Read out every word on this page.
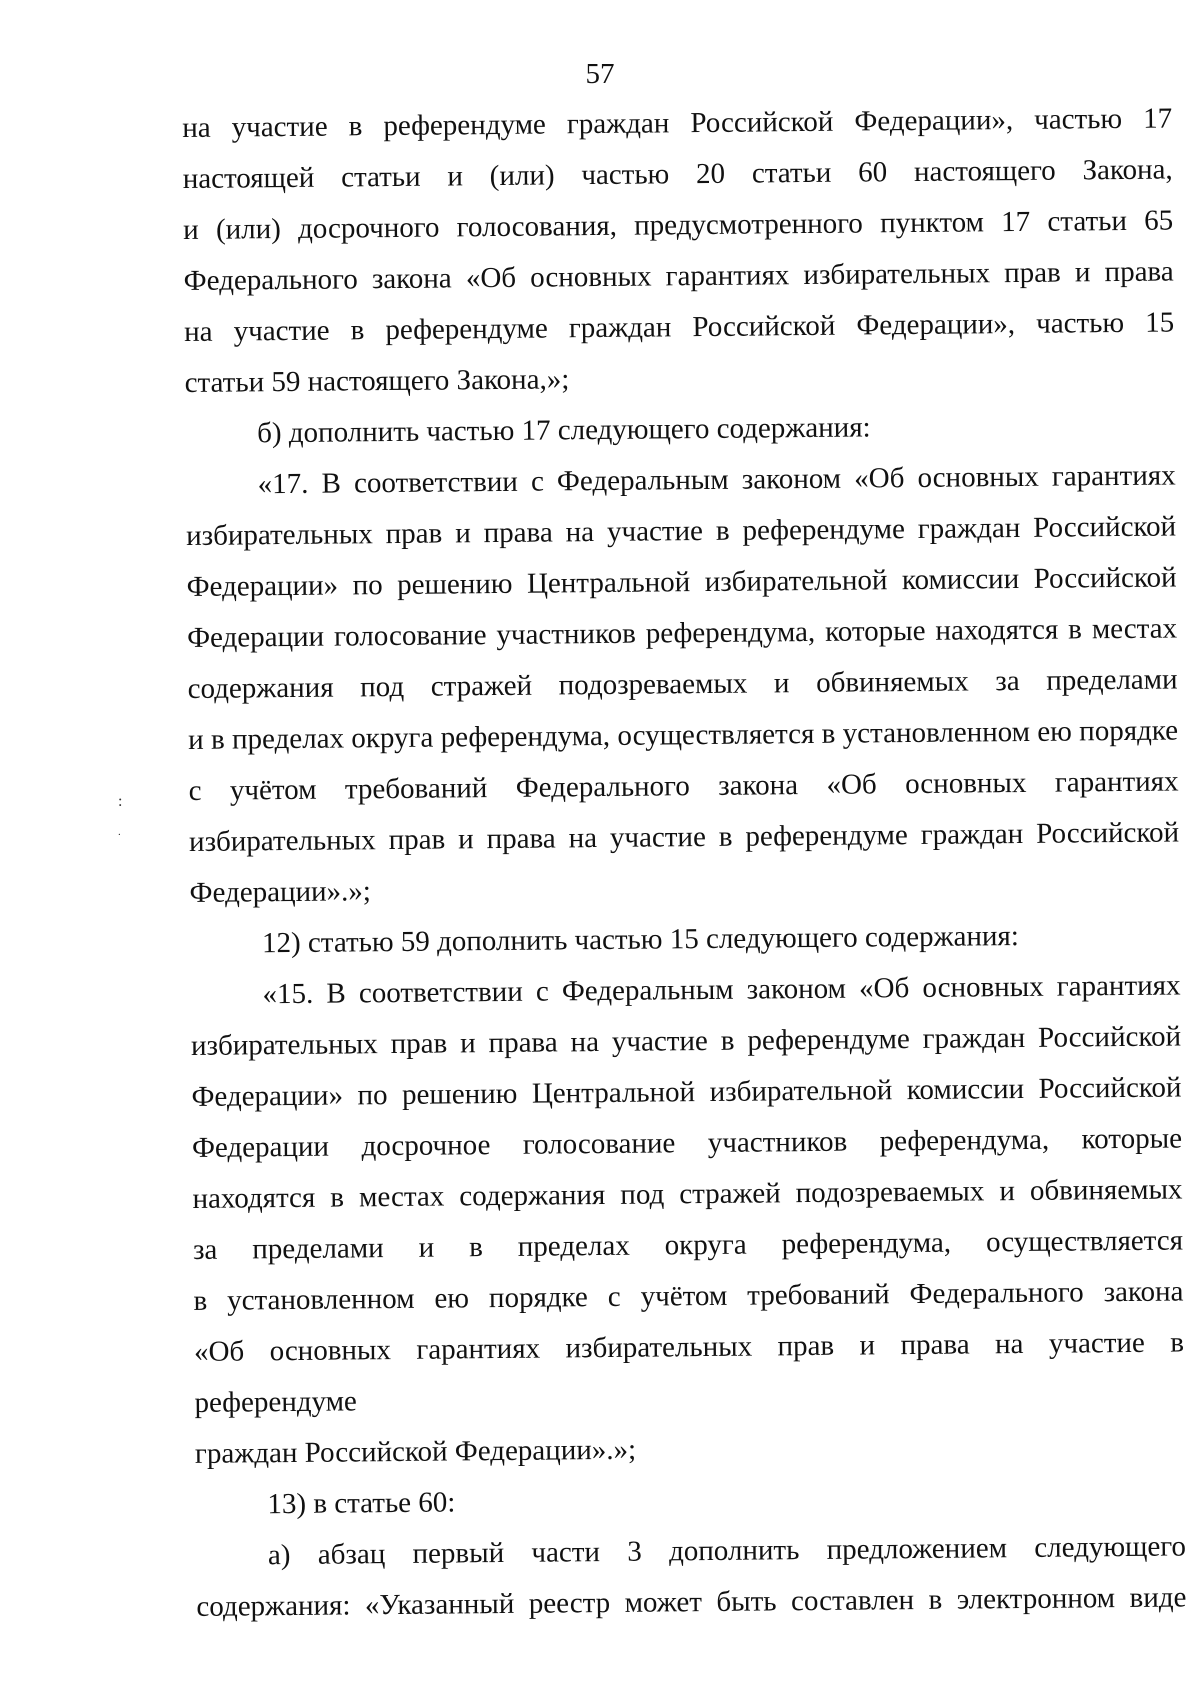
57
:
.
на участие в референдуме граждан Российской Федерации», частью 17
настоящей статьи и (или) частью 20 статьи 60 настоящего Закона,
и (или) досрочного голосования, предусмотренного пунктом 17 статьи 65
Федерального закона «Об основных гарантиях избирательных прав и права
на участие в референдуме граждан Российской Федерации», частью 15
статьи 59 настоящего Закона,»;
б) дополнить частью 17 следующего содержания:
«17. В соответствии с Федеральным законом «Об основных гарантиях
избирательных прав и права на участие в референдуме граждан Российской
Федерации» по решению Центральной избирательной комиссии Российской
Федерации голосование участников референдума, которые находятся в местах
содержания под стражей подозреваемых и обвиняемых за пределами
и в пределах округа референдума, осуществляется в установленном ею порядке
с учётом требований Федерального закона «Об основных гарантиях
избирательных прав и права на участие в референдуме граждан Российской
Федерации».»;
12) статью 59 дополнить частью 15 следующего содержания:
«15. В соответствии с Федеральным законом «Об основных гарантиях
избирательных прав и права на участие в референдуме граждан Российской
Федерации» по решению Центральной избирательной комиссии Российской
Федерации досрочное голосование участников референдума, которые
находятся в местах содержания под стражей подозреваемых и обвиняемых
за пределами и в пределах округа референдума, осуществляется
в установленном ею порядке с учётом требований Федерального закона
«Об основных гарантиях избирательных прав и права на участие в референдуме
граждан Российской Федерации».»;
13) в статье 60:
а) абзац первый части 3 дополнить предложением следующего
содержания: «Указанный реестр может быть составлен в электронном виде
